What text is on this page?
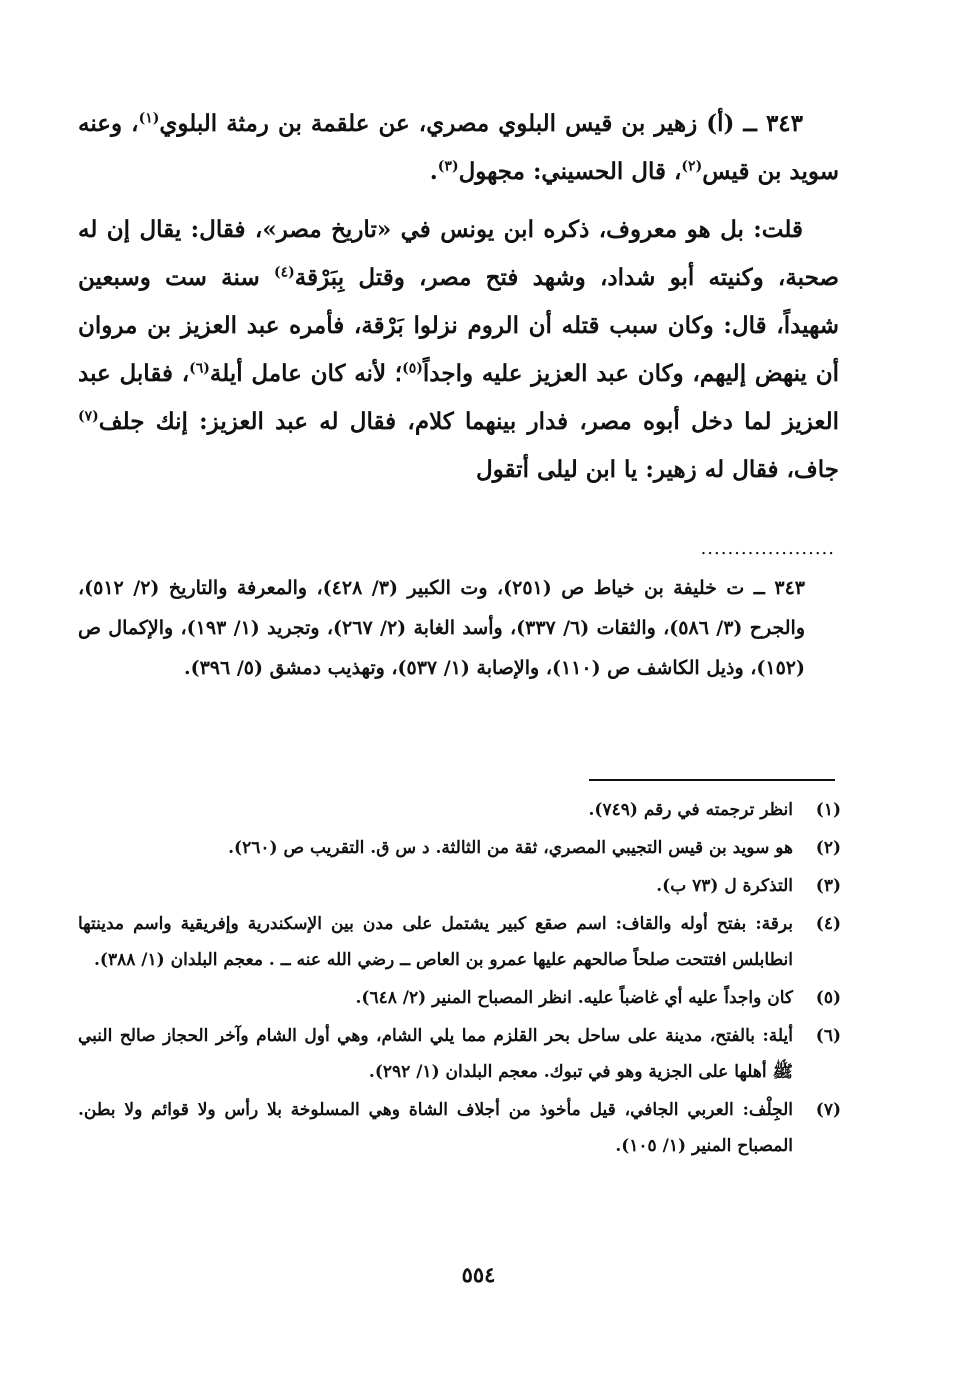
٣٤٣ ــ (أ) زهير بن قيس البلوي مصري، عن علقمة بن رمثة البلوي$^{(١)}$، وعنه سويد بن قيس$^{(٢)}$، قال الحسيني: مجهول$^{(٣)}$.

قلت: بل هو معروف، ذكره ابن يونس في «تاريخ مصر»، فقال: يقال إن له صحبة، وكنيته أبو شداد، وشهد فتح مصر، وقتل بِبَرْقة$^{(٤)}$ سنة ست وسبعين شهيداً، قال: وكان سبب قتله أن الروم نزلوا بَرْقة، فأمره عبد العزيز بن مروان أن ينهض إليهم، وكان عبد العزيز عليه واجداً$^{(٥)}$؛ لأنه كان عامل أيلة$^{(٦)}$، فقابل عبد العزيز لما دخل أبوه مصر، فدار بينهما كلام، فقال له عبد العزيز: إنك جلف$^{(٧)}$ جاف، فقال له زهير: يا ابن ليلى أتقول

....................

٣٤٣ ــ ت خليفة بن خياط ص (٢٥١)، وت الكبير (٣/ ٤٢٨)، والمعرفة والتاريخ (٢/ ٥١٢)، والجرح (٣/ ٥٨٦)، والثقات (٦/ ٣٣٧)، وأسد الغابة (٢/ ٢٦٧)، وتجريد (١/ ١٩٣)، والإكمال ص (١٥٢)، وذيل الكاشف ص (١١٠)، والإصابة (١/ ٥٣٧)، وتهذيب دمشق (٥/ ٣٩٦).

(١)
انظر ترجمته في رقم (٧٤٩).
(٢)
هو سويد بن قيس التجيبي المصري، ثقة من الثالثة. د س ق. التقريب ص (٢٦٠).
(٣)
التذكرة ل (٧٣ ب).
(٤)
برقة: بفتح أوله والقاف: اسم صقع كبير يشتمل على مدن بين الإسكندرية وإفريقية واسم مدينتها انطابلس افتتحت صلحاً صالحهم عليها عمرو بن العاص ــ رضي الله عنه ــ . معجم البلدان (١/ ٣٨٨).
(٥)
كان واجداً عليه أي غاضباً عليه. انظر المصباح المنير (٢/ ٦٤٨).
(٦)
أيلة: بالفتح، مدينة على ساحل بحر القلزم مما يلي الشام، وهي أول الشام وآخر الحجاز صالح النبي ﷺ أهلها على الجزية وهو في تبوك. معجم البلدان (١/ ٢٩٢).
(٧)
الجِلْف: العربي الجافي، قيل مأخوذ من أجلاف الشاة وهي المسلوخة بلا رأس ولا قوائم ولا بطن. المصباح المنير (١/ ١٠٥).
٥٥٤
